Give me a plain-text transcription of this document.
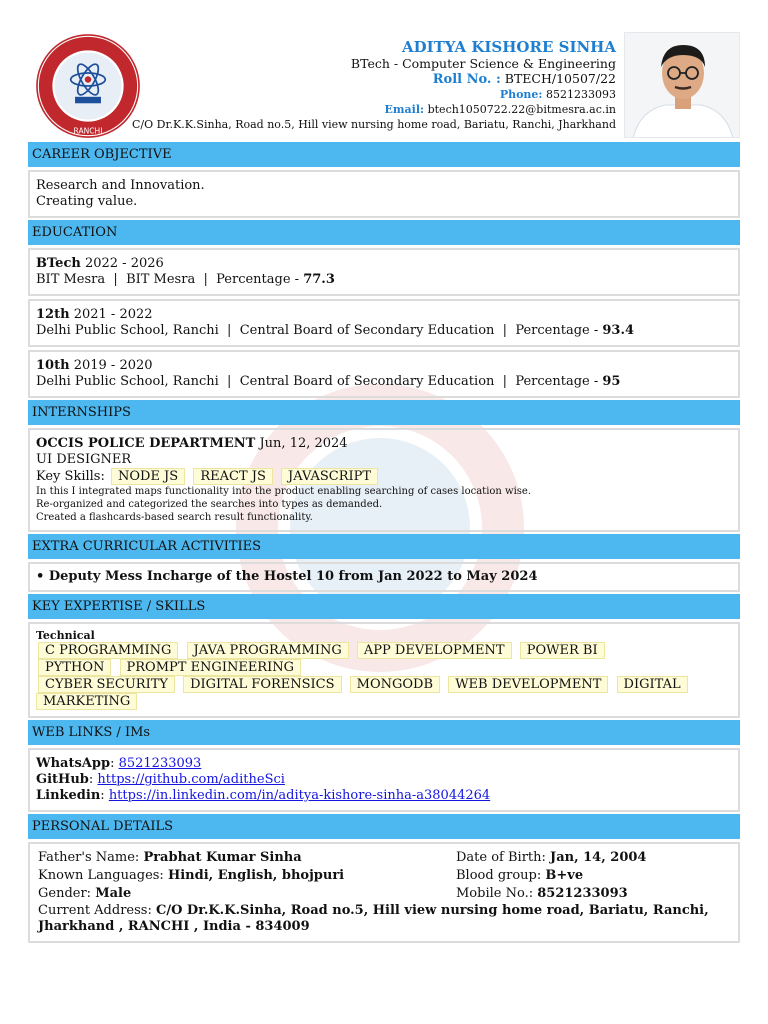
RANCHI
ADITYA KISHORE SINHA
BTech - Computer Science & Engineering
Roll No. : BTECH/10507/22
Phone: 8521233093
Email: btech1050722.22@bitmesra.ac.in
C/O Dr.K.K.Sinha, Road no.5, Hill view nursing home road, Bariatu, Ranchi, Jharkhand
CAREER OBJECTIVE
Research and Innovation.
Creating value.
EDUCATION
BTech 2022 - 2026
BIT Mesra  |  BIT Mesra  |  Percentage - 77.3
12th 2021 - 2022
Delhi Public School, Ranchi  |  Central Board of Secondary Education  |  Percentage - 93.4
10th 2019 - 2020
Delhi Public School, Ranchi  |  Central Board of Secondary Education  |  Percentage - 95
INTERNSHIPS
OCCIS POLICE DEPARTMENT Jun, 12, 2024
UI DESIGNER
Key Skills: NODE JS REACT JS JAVASCRIPT
In this I integrated maps functionality into the product enabling searching of cases location wise.
Re-organized and categorized the searches into types as demanded.
Created a flashcards-based search result functionality.
EXTRA CURRICULAR ACTIVITIES
• Deputy Mess Incharge of the Hostel 10 from Jan 2022 to May 2024
KEY EXPERTISE / SKILLS
Technical
C PROGRAMMING JAVA PROGRAMMING APP DEVELOPMENT POWER BI
PYTHON PROMPT ENGINEERING
CYBER SECURITY DIGITAL FORENSICS MONGODB WEB DEVELOPMENT DIGITAL
MARKETING
WEB LINKS / IMs
WhatsApp: 8521233093
GitHub: https://github.com/aditheSci
Linkedin: https://in.linkedin.com/in/aditya-kishore-sinha-a38044264
PERSONAL DETAILS
Father's Name: Prabhat Kumar Sinha	Date of Birth: Jan, 14, 2004
Known Languages: Hindi, English, bhojpuri	Blood group: B+ve
Gender: Male	Mobile No.: 8521233093
Current Address: C/O Dr.K.K.Sinha, Road no.5, Hill view nursing home road, Bariatu, Ranchi, Jharkhand , RANCHI , India - 834009
